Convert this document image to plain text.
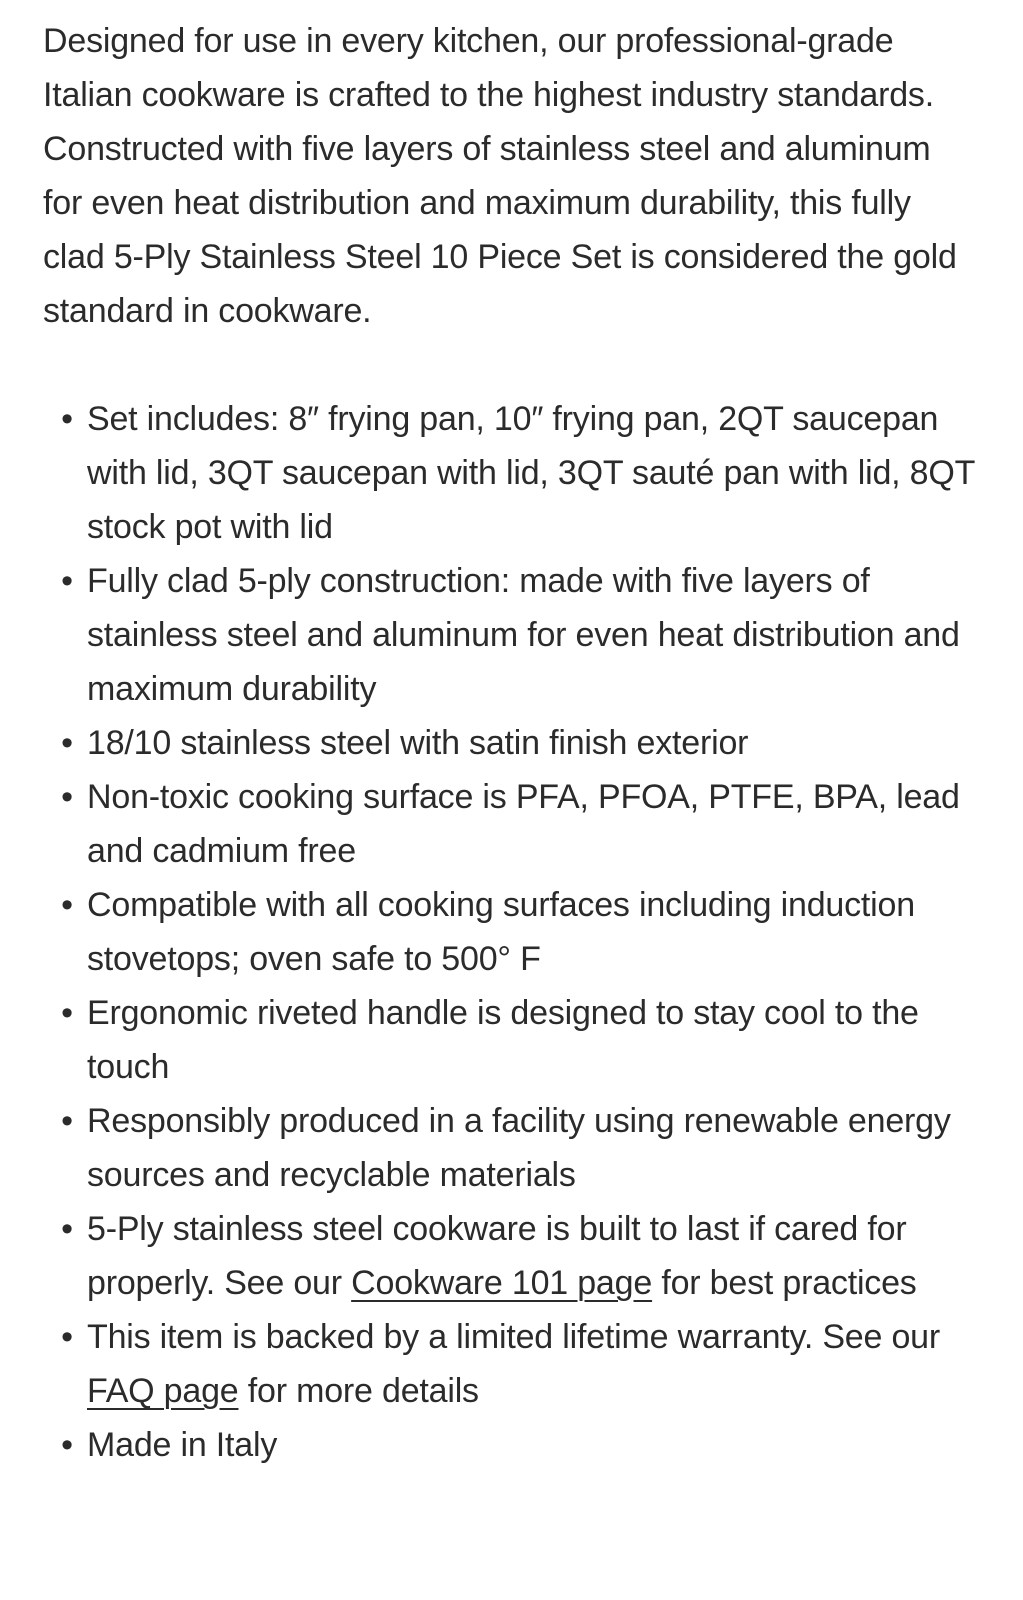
Designed for use in every kitchen, our professional-grade Italian cookware is crafted to the highest industry standards. Constructed with five layers of stainless steel and aluminum for even heat distribution and maximum durability, this fully clad 5-Ply Stainless Steel 10 Piece Set is considered the gold standard in cookware.

• Set includes: 8″ frying pan, 10″ frying pan, 2QT saucepan with lid, 3QT saucepan with lid, 3QT sauté pan with lid, 8QT stock pot with lid
• Fully clad 5-ply construction: made with five layers of stainless steel and aluminum for even heat distribution and maximum durability
• 18/10 stainless steel with satin finish exterior
• Non-toxic cooking surface is PFA, PFOA, PTFE, BPA, lead and cadmium free
• Compatible with all cooking surfaces including induction stovetops; oven safe to 500° F
• Ergonomic riveted handle is designed to stay cool to the touch
• Responsibly produced in a facility using renewable energy sources and recyclable materials
• 5-Ply stainless steel cookware is built to last if cared for properly. See our Cookware 101 page for best practices
• This item is backed by a limited lifetime warranty. See our FAQ page for more details
• Made in Italy
